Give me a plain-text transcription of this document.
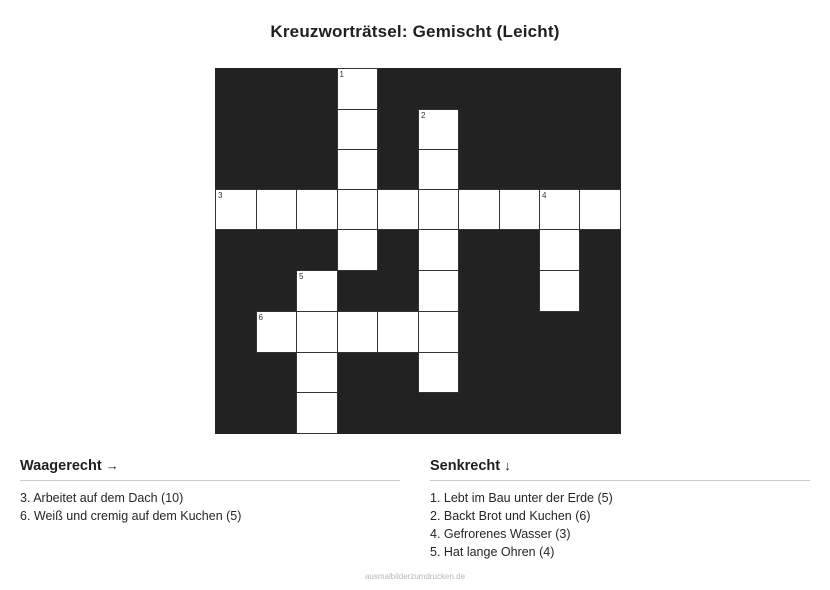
Kreuzworträtsel: Gemischt (Leicht)

			1						

					2				

3								4	

		5							

	6								

Waagerecht →
3. Arbeitet auf dem Dach (10)
6. Weiß und cremig auf dem Kuchen (5)
Senkrecht ↓
1. Lebt im Bau unter der Erde (5)
2. Backt Brot und Kuchen (6)
4. Gefrorenes Wasser (3)
5. Hat lange Ohren (4)
ausmalbilderzumdrucken.de
